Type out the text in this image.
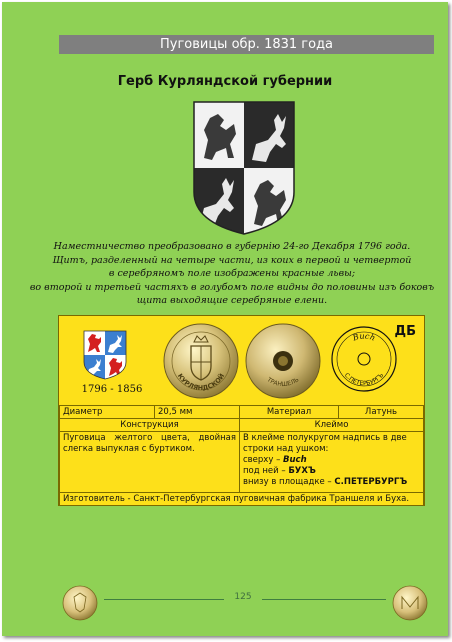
Пуговицы обр. 1831 года
Герб Курляндской губернии
Наместничество преобразовано в губернію 24-го Декабря 1796 года.
Щитъ, разделенный на четыре части, из коих в первой и четвертой
в серебряномъ поле изображены красные львы;
во второй и третьей частяхъ в голубомъ поле видны до половины изъ боковъ
щита выходящие серебряные елени.
1796 - 1856
КУРЛЯНДСКОЙ	ТРАНШЕЛЬ
Buch
С.ПЕТЕРБУРГЪ
ДБ
Диаметр	20,5 мм	Материал	Латунь
Конструкция		Клеймо	
Пуговица желтого цвета, двойная слегка выпуклая с буртиком.		В клейме полукругом надпись в две строки над ушком:
сверху – Buch
под ней – БУХЪ
внизу в площадке – С.ПЕТЕРБУРГЪ	

Изготовитель - Санкт-Петербургская пуговичная фабрика Траншеля и Буха.			
125
